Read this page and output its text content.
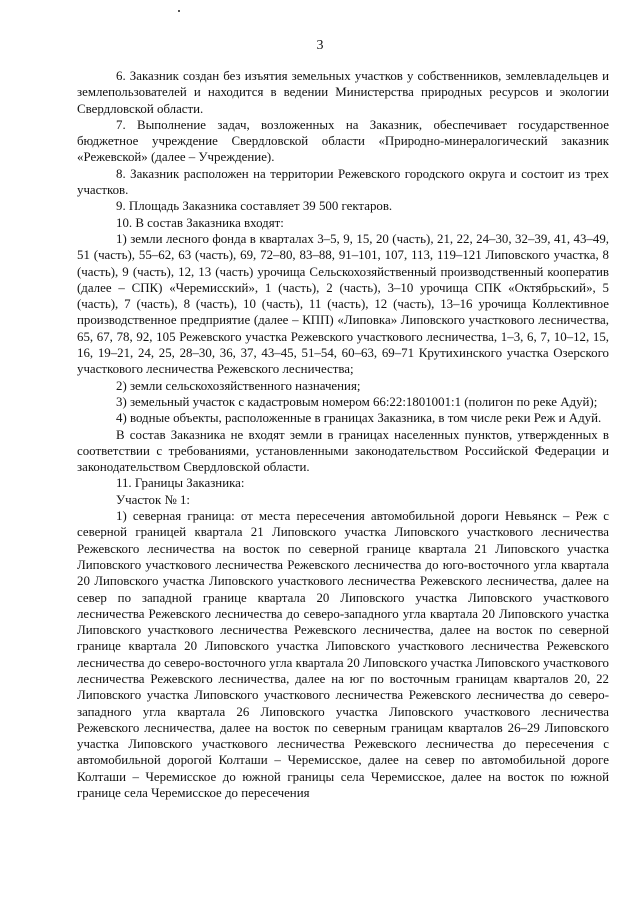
3

6. Заказник создан без изъятия земельных участков у собственников, землевладельцев и землепользователей и находится в ведении Министерства природных ресурсов и экологии Свердловской области.

7. Выполнение задач, возложенных на Заказник, обеспечивает государственное бюджетное учреждение Свердловской области «Природно-минералогический заказник «Режевской» (далее – Учреждение).

8. Заказник расположен на территории Режевского городского округа и состоит из трех участков.

9. Площадь Заказника составляет 39 500 гектаров.

10. В состав Заказника входят:

1) земли лесного фонда в кварталах 3–5, 9, 15, 20 (часть), 21, 22, 24–30, 32–39, 41, 43–49, 51 (часть), 55–62, 63 (часть), 69, 72–80, 83–88, 91–101, 107, 113, 119–121 Липовского участка, 8 (часть), 9 (часть), 12, 13 (часть) урочища Сельскохозяйственный производственный кооператив (далее – СПК) «Черемисский», 1 (часть), 2 (часть), 3–10 урочища СПК «Октябрьский», 5 (часть), 7 (часть), 8 (часть), 10 (часть), 11 (часть), 12 (часть), 13–16 урочища Коллективное производственное предприятие (далее – КПП) «Липовка» Липовского участкового лесничества, 65, 67, 78, 92, 105 Режевского участка Режевского участкового лесничества, 1–3, 6, 7, 10–12, 15, 16, 19–21, 24, 25, 28–30, 36, 37, 43–45, 51–54, 60–63, 69–71 Крутихинского участка Озерского участкового лесничества Режевского лесничества;

2) земли сельскохозяйственного назначения;

3) земельный участок с кадастровым номером 66:22:1801001:1 (полигон по реке Адуй);

4) водные объекты, расположенные в границах Заказника, в том числе реки Реж и Адуй.

В состав Заказника не входят земли в границах населенных пунктов, утвержденных в соответствии с требованиями, установленными законодательством Российской Федерации и законодательством Свердловской области.

11. Границы Заказника:

Участок № 1:

1) северная граница: от места пересечения автомобильной дороги Невьянск – Реж с северной границей квартала 21 Липовского участка Липовского участкового лесничества Режевского лесничества на восток по северной границе квартала 21 Липовского участка Липовского участкового лесничества Режевского лесничества до юго-восточного угла квартала 20 Липовского участка Липовского участкового лесничества Режевского лесничества, далее на север по западной границе квартала 20 Липовского участка Липовского участкового лесничества Режевского лесничества до северо-западного угла квартала 20 Липовского участка Липовского участкового лесничества Режевского лесничества, далее на восток по северной границе квартала 20 Липовского участка Липовского участкового лесничества Режевского лесничества до северо-восточного угла квартала 20 Липовского участка Липовского участкового лесничества Режевского лесничества, далее на юг по восточным границам кварталов 20, 22 Липовского участка Липовского участкового лесничества Режевского лесничества до северо-западного угла квартала 26 Липовского участка Липовского участкового лесничества Режевского лесничества, далее на восток по северным границам кварталов 26–29 Липовского участка Липовского участкового лесничества Режевского лесничества до пересечения с автомобильной дорогой Колташи – Черемисское, далее на север по автомобильной дороге Колташи – Черемисское до южной границы села Черемисское, далее на восток по южной границе села Черемисское до пересечения
